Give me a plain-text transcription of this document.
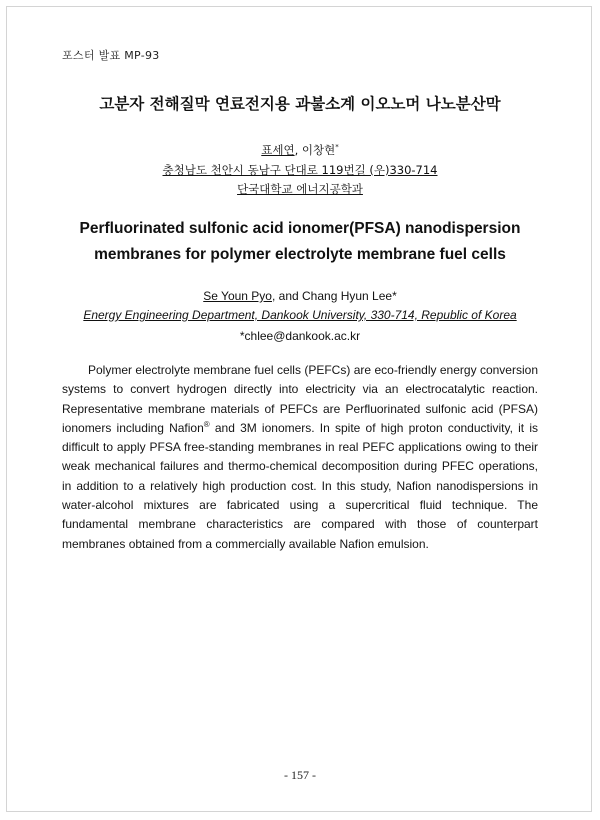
포스터 발표 MP-93
고분자 전해질막 연료전지용 과불소계 이오노머 나노분산막
표세연, 이창현*
충청남도 천안시 동남구 단대로 119번길 (우)330-714
단국대학교 에너지공학과
Perfluorinated sulfonic acid ionomer(PFSA) nanodispersion
membranes for polymer electrolyte membrane fuel cells
Se Youn Pyo, and Chang Hyun Lee*
Energy Engineering Department, Dankook University, 330-714, Republic of Korea
*chlee@dankook.ac.kr

Polymer electrolyte membrane fuel cells (PEFCs) are eco-friendly energy conversion systems to convert hydrogen directly into electricity via an electrocatalytic reaction. Representative membrane materials of PEFCs are Perfluorinated sulfonic acid (PFSA) ionomers including Nafion® and 3M ionomers. In spite of high proton conductivity, it is difficult to apply PFSA free-standing membranes in real PEFC applications owing to their weak mechanical failures and thermo-chemical decomposition during PFEC operations, in addition to a relatively high production cost. In this study, Nafion nanodispersions in water-alcohol mixtures are fabricated using a supercritical fluid technique. The fundamental membrane characteristics are compared with those of counterpart membranes obtained from a commercially available Nafion emulsion.

- 157 -
